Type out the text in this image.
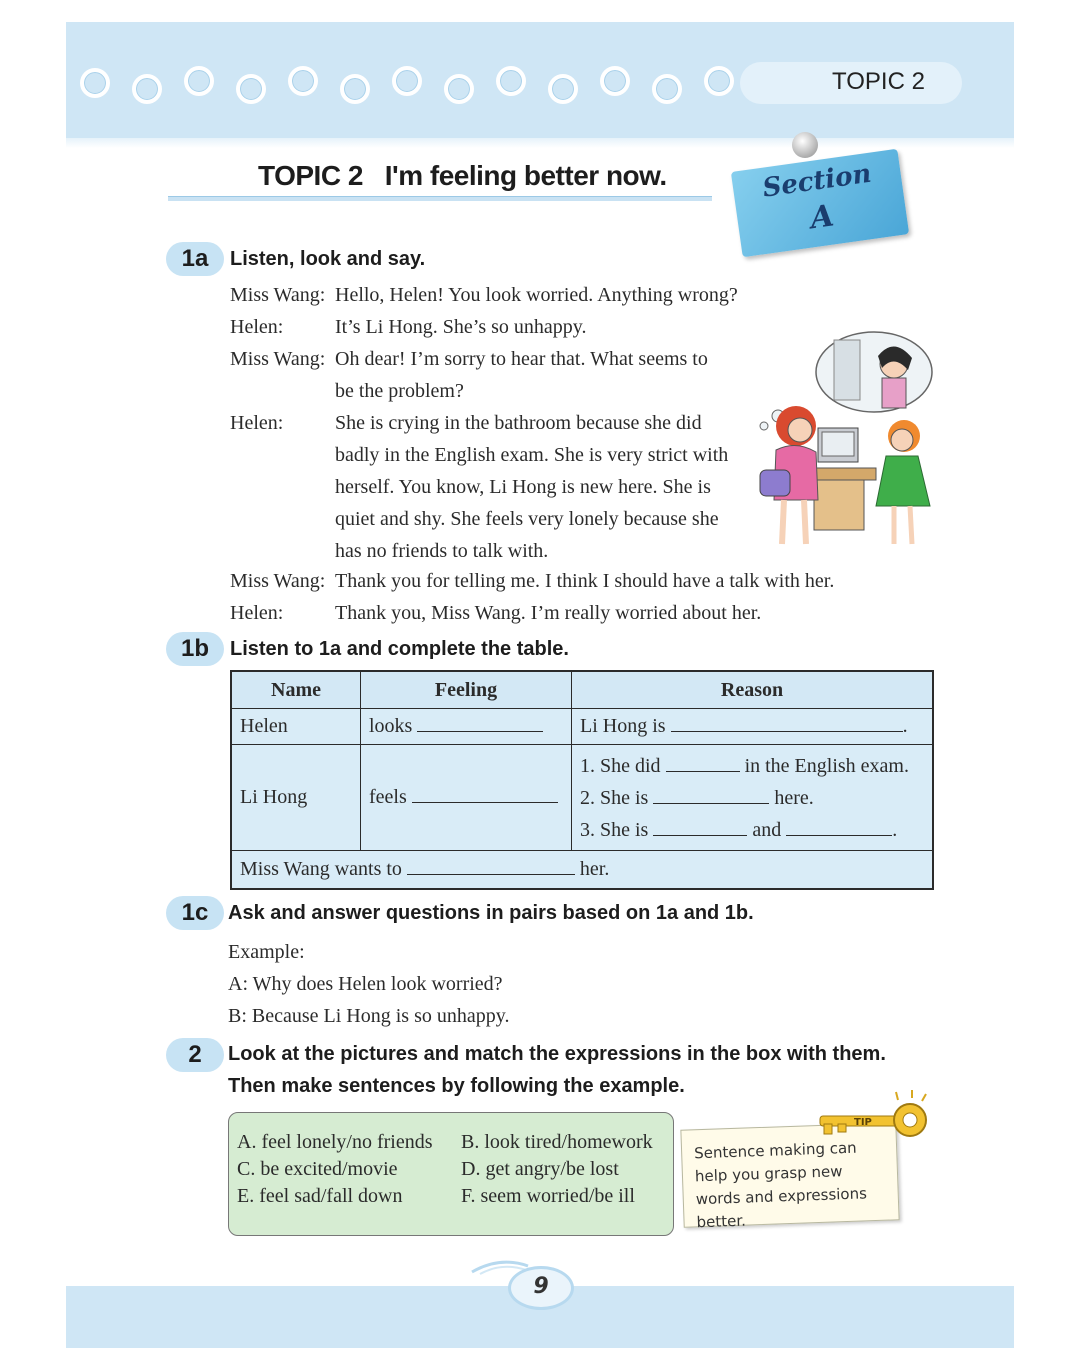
TOPIC 2
TOPIC 2 I'm feeling better now.	Section
A
1a	Listen, look and say.
Miss Wang: Hello, Helen! You look worried. Anything wrong?
Helen:	It’s Li Hong. She’s so unhappy.
Miss Wang: Oh dear! I’m sorry to hear that. What seems to
be the problem?
Helen:	She is crying in the bathroom because she did
badly in the English exam. She is very strict with
herself. You know, Li Hong is new here. She is
quiet and shy. She feels very lonely because she
has no friends to talk with.
Miss Wang: Thank you for telling me. I think I should have a talk with her.
Helen:	Thank you, Miss Wang. I’m really worried about her.
1b	Listen to 1a and complete the table.
Name	Feeling	Reason
Helen	looks	Li Hong is .
Li Hong	feels	1. She did in the English exam.
2. She is here.
3. She is and .

Miss Wang wants to her.		
1c Ask and answer questions in pairs based on 1a and 1b.
Example:
A: Why does Helen look worried?
B: Because Li Hong is so unhappy.
2	Look at the pictures and match the expressions in the box with them.
Then make sentences by following the example.
A. feel lonely/no friends B. look tired/homework
C. be excited/movie	D. get angry/be lost
E. feel sad/fall down	F. seem worried/be ill
Sentence making can help you grasp new words and expressions better.
TIP
9
